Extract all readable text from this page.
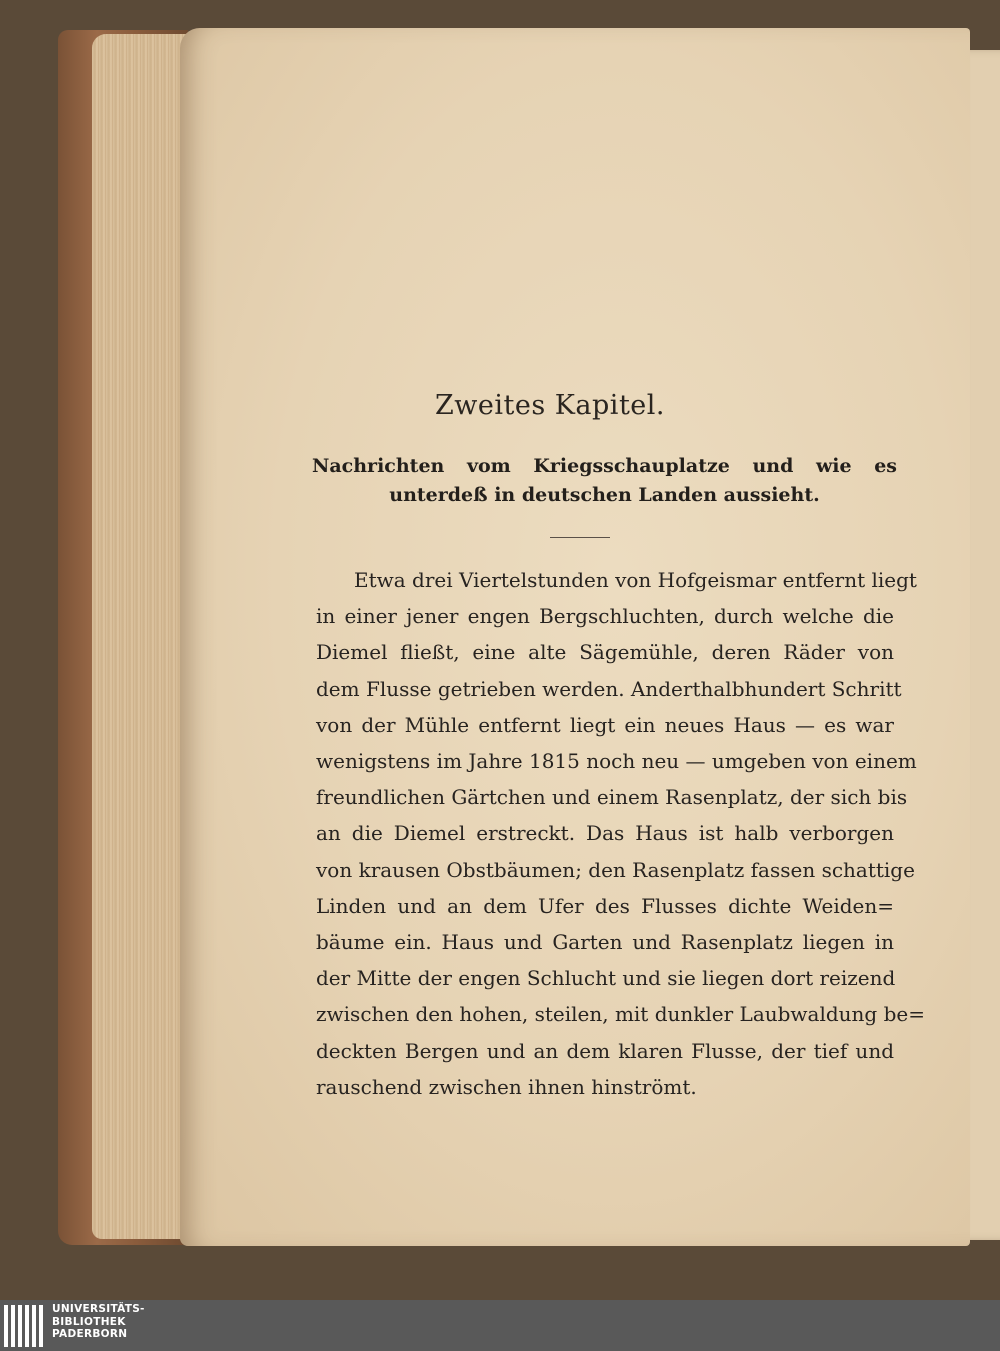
Zweites Kapitel.
Nachrichten vom Kriegsschauplatze und wie es unterdeß in deutschen Landen aussieht.
Etwa drei Viertelstunden von Hofgeismar entfernt liegt
in einer jener engen Bergschluchten, durch welche die
Diemel fließt, eine alte Sägemühle, deren Räder von
dem Flusse getrieben werden. Anderthalbhundert Schritt
von der Mühle entfernt liegt ein neues Haus — es war
wenigstens im Jahre 1815 noch neu — umgeben von einem
freundlichen Gärtchen und einem Rasenplatz, der sich bis
an die Diemel erstreckt. Das Haus ist halb verborgen
von krausen Obstbäumen; den Rasenplatz fassen schattige
Linden und an dem Ufer des Flusses dichte Weiden=
bäume ein. Haus und Garten und Rasenplatz liegen in
der Mitte der engen Schlucht und sie liegen dort reizend
zwischen den hohen, steilen, mit dunkler Laubwaldung be=
deckten Bergen und an dem klaren Flusse, der tief und
rauschend zwischen ihnen hinströmt.
UNIVERSITÄTS-
BIBLIOTHEK
PADERBORN
